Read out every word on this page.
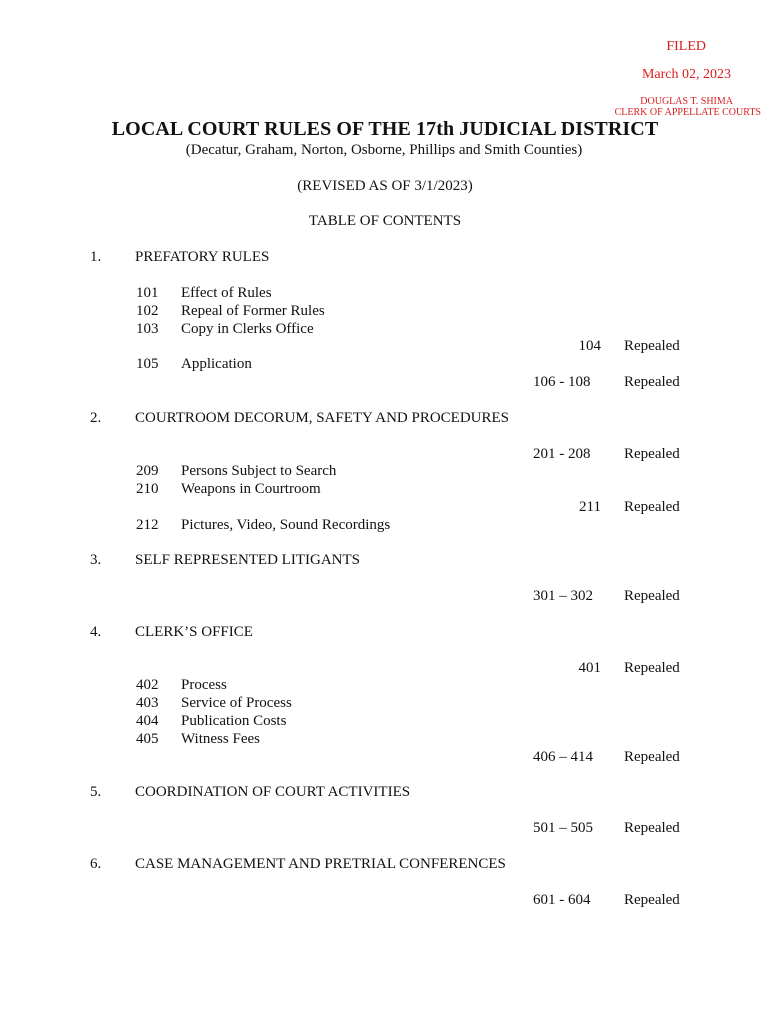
FILED
March 02, 2023
DOUGLAS T. SHIMA
CLERK OF APPELLATE COURTS
LOCAL COURT RULES OF THE 17th JUDICIAL DISTRICT
(Decatur, Graham, Norton, Osborne, Phillips and Smith Counties)
(REVISED AS OF 3/1/2023)
TABLE OF CONTENTS
1. PREFATORY RULES
101 Effect of Rules
102 Repeal of Former Rules
103 Copy in Clerks Office
104 Repealed
105 Application
106 - 108 Repealed
2. COURTROOM DECORUM, SAFETY AND PROCEDURES
201 - 208 Repealed
209 Persons Subject to Search
210 Weapons in Courtroom
211 Repealed
212 Pictures, Video, Sound Recordings
3. SELF REPRESENTED LITIGANTS
301 – 302 Repealed
4. CLERK’S OFFICE
401 Repealed
402 Process
403 Service of Process
404 Publication Costs
405 Witness Fees
406 – 414 Repealed
5. COORDINATION OF COURT ACTIVITIES
501 – 505 Repealed
6. CASE MANAGEMENT AND PRETRIAL CONFERENCES
601 - 604 Repealed
